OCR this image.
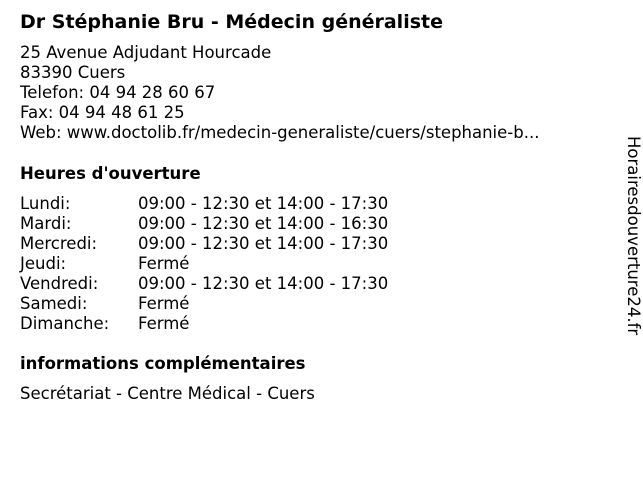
Dr Stéphanie Bru - Médecin généraliste
25 Avenue Adjudant Hourcade
83390 Cuers
Telefon: 04 94 28 60 67
Fax: 04 94 48 61 25
Web: www.doctolib.fr/medecin-generaliste/cuers/stephanie-b...
Heures d'ouverture
Lundi:	09:00 - 12:30 et 14:00 - 17:30
Mardi:	09:00 - 12:30 et 14:00 - 16:30
Mercredi: 09:00 - 12:30 et 14:00 - 17:30
Jeudi:	Fermé
Vendredi: 09:00 - 12:30 et 14:00 - 17:30
Samedi:	Fermé
Dimanche: Fermé
informations complémentaires
Secrétariat - Centre Médical - Cuers
Horairesdouverture24.fr
